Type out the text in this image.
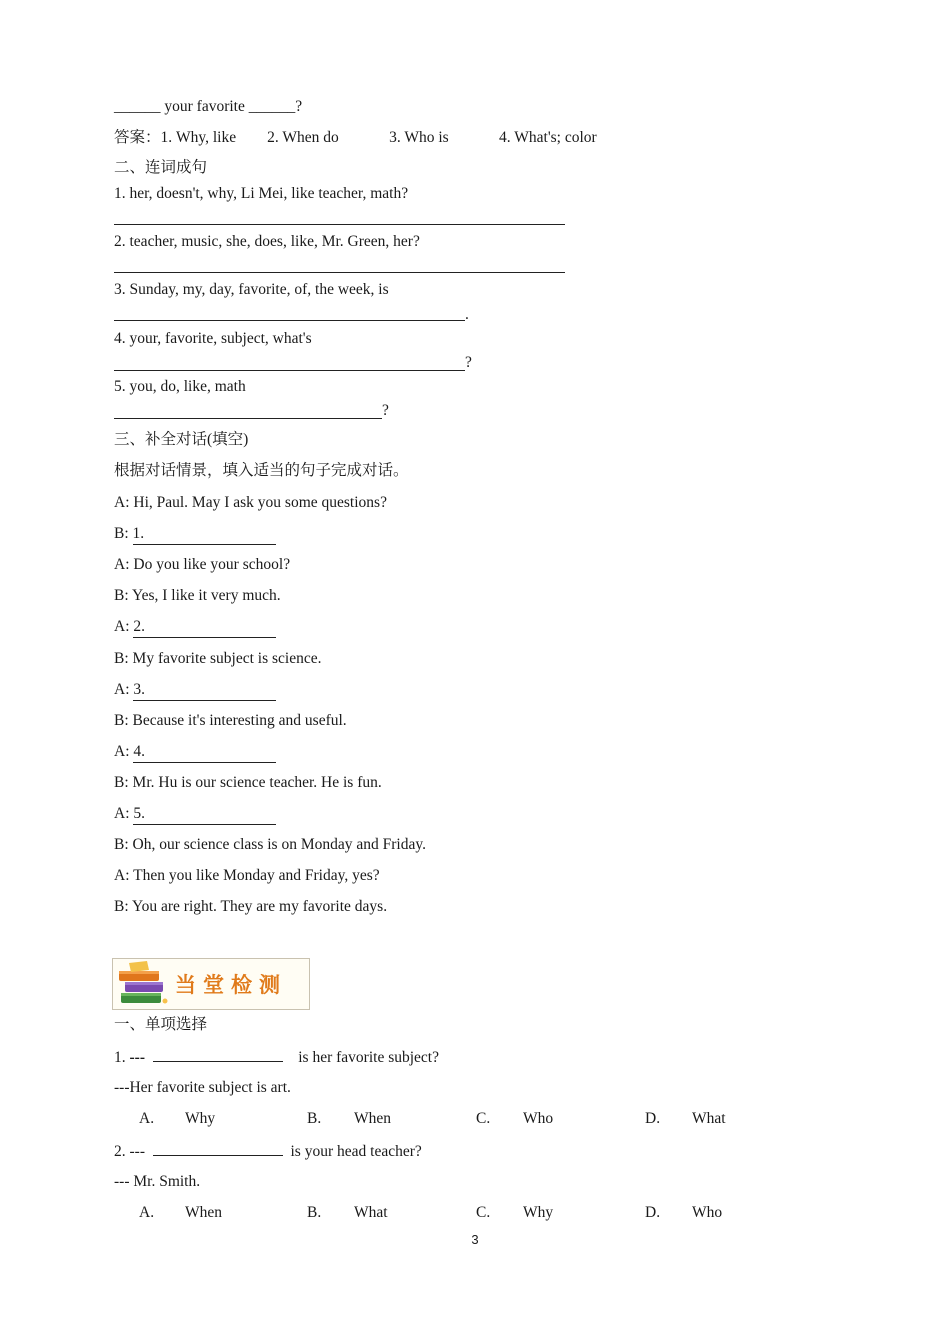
______ your favorite ______?
答案：1. Why, like        2. When do             3. Who is             4. What's; color
二、连词成句
1. her, doesn't, why, Li Mei, like teacher, math?
2. teacher, music, she, does, like, Mr. Green, her?
3. Sunday, my, day, favorite, of, the week, is
.
4. your, favorite, subject, what's
?
5. you, do, like, math
?
三、补全对话(填空)
根据对话情景，填入适当的句子完成对话。
A: Hi, Paul. May I ask you some questions?
B: 1.
A: Do you like your school?
B: Yes, I like it very much.
A: 2.
B: My favorite subject is science.
A: 3.
B: Because it's interesting and useful.
A: 4.
B: Mr. Hu is our science teacher. He is fun.
A: 5.
B: Oh, our science class is on Monday and Friday.
A: Then you like Monday and Friday, yes?
B: You are right. They are my favorite days.
当堂检测
一、单项选择
1. ---	is her favorite subject?
---Her favorite subject is art.
A. Why	B. When	C. Who	D. What
2. ---	is your head teacher?
--- Mr. Smith.
A. When	B. What	C. Why	D. Who
3
